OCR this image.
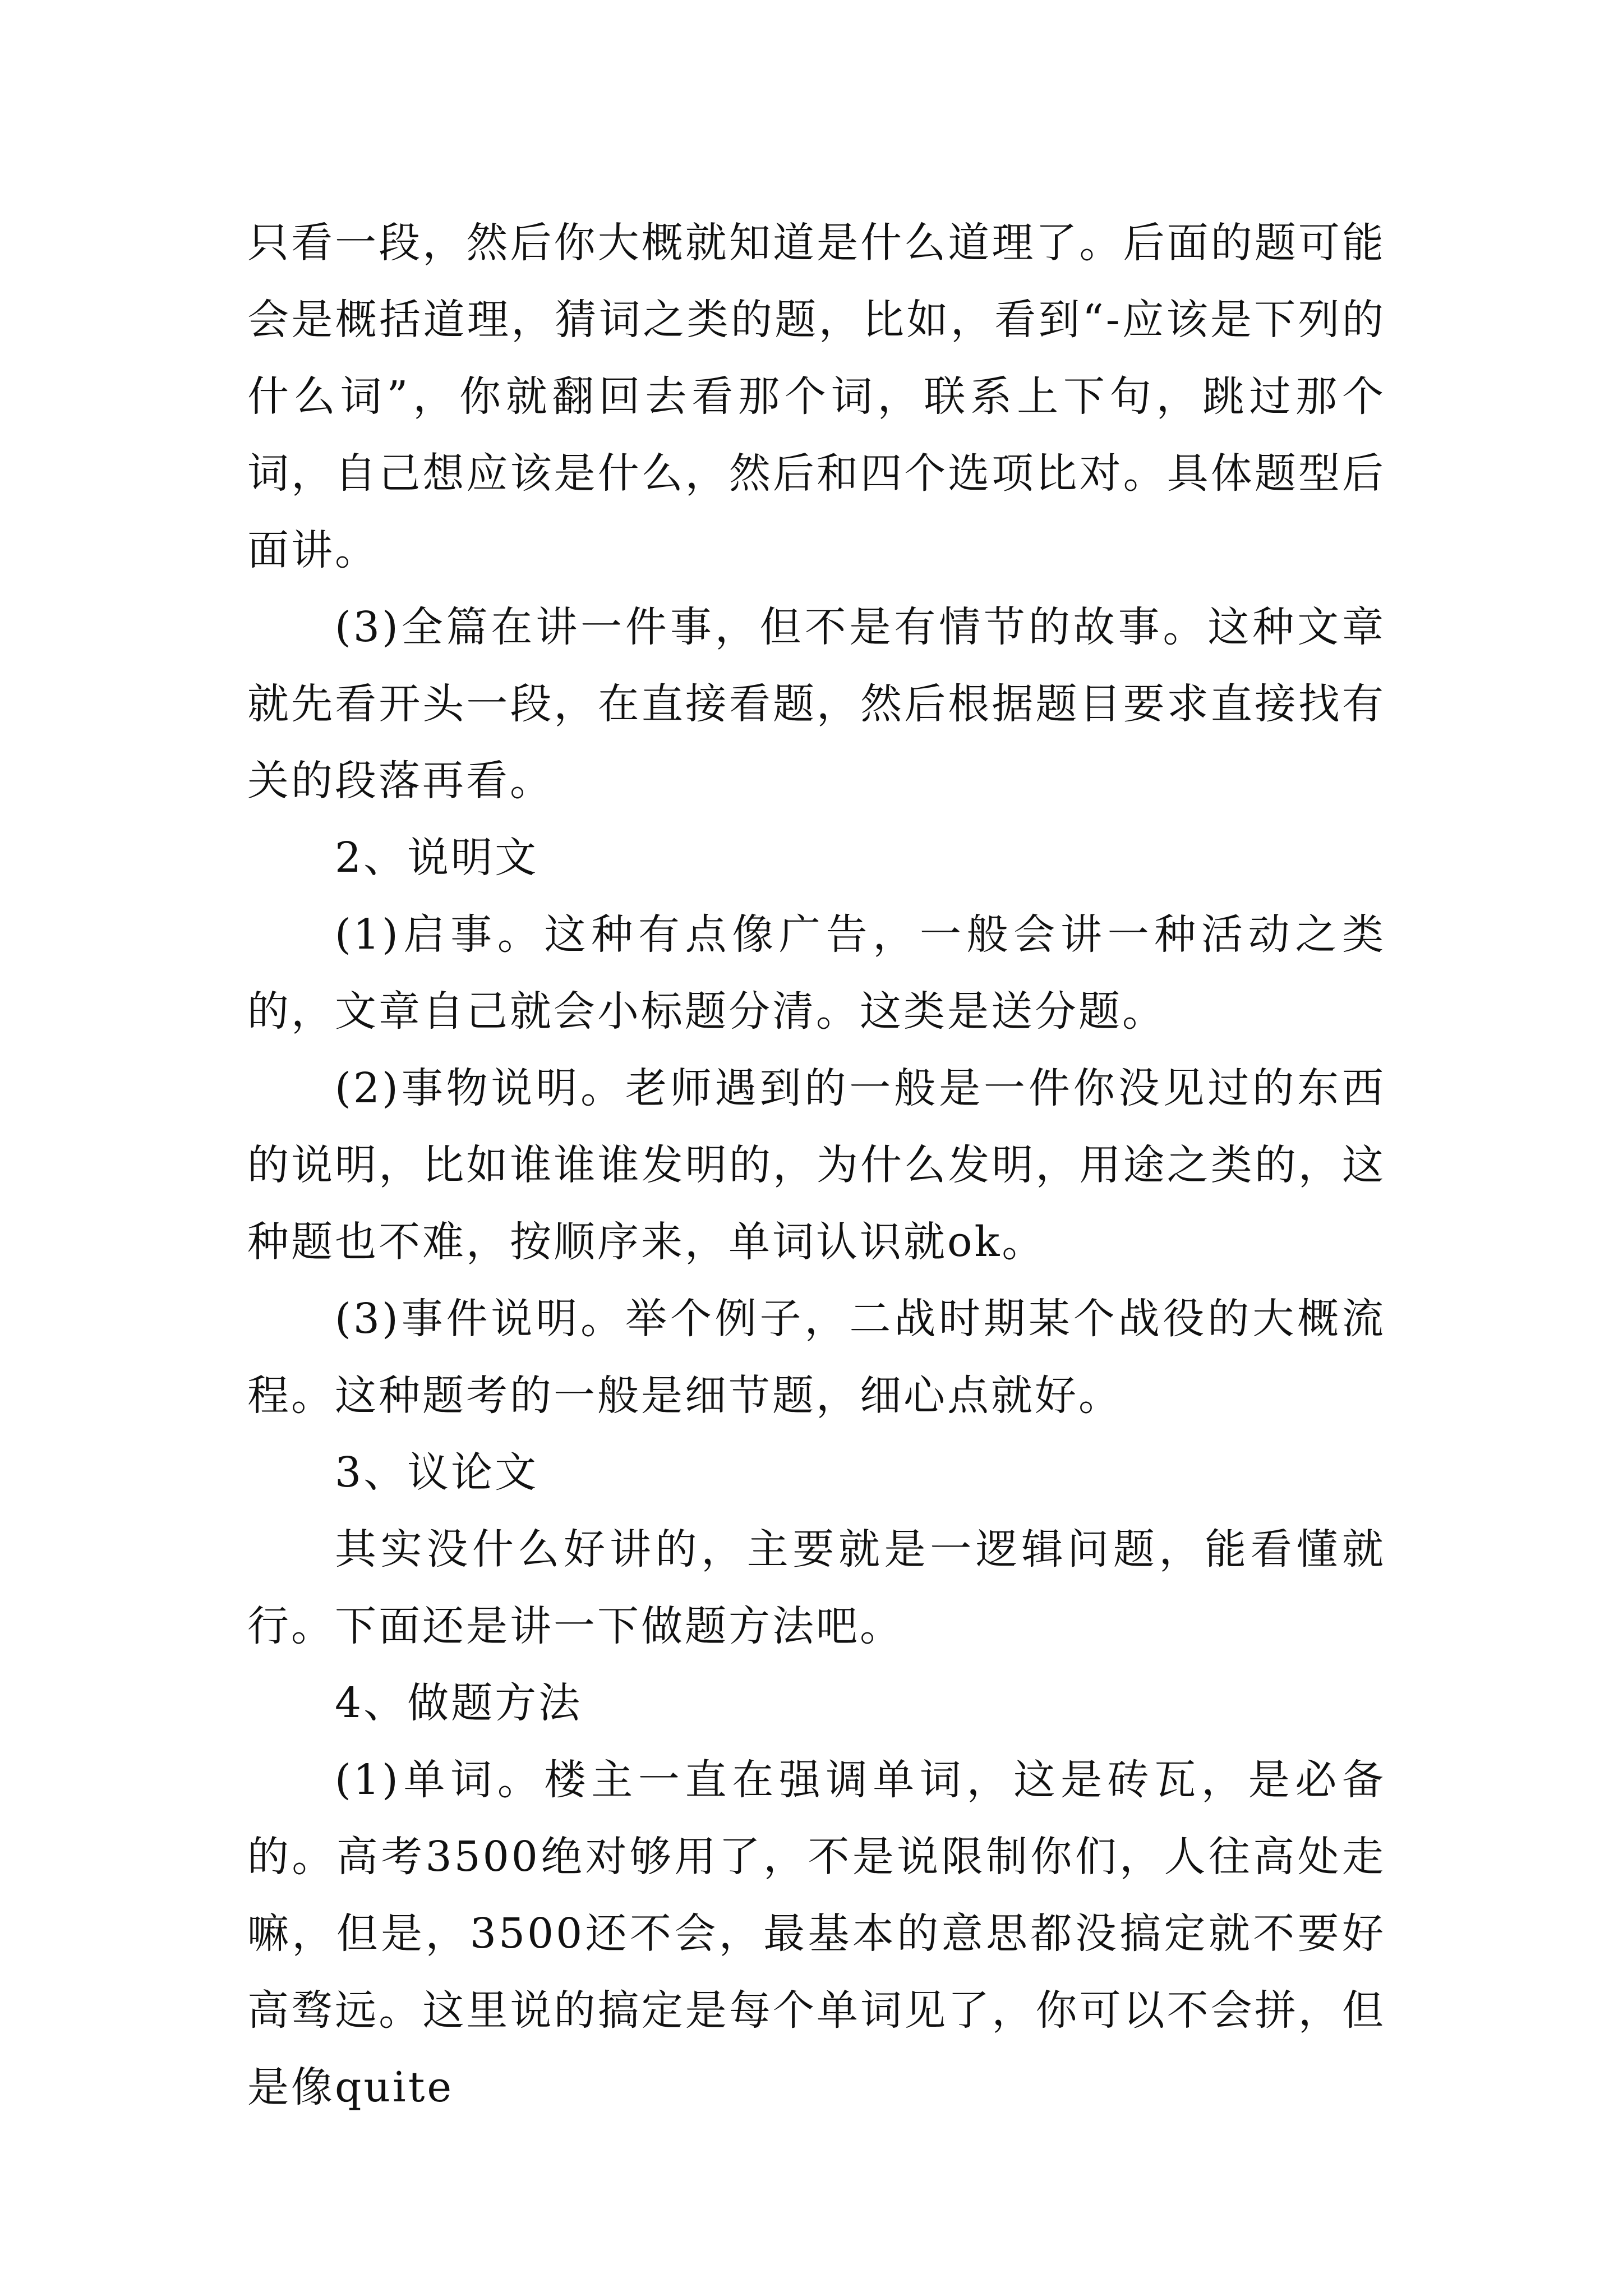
只看一段，然后你大概就知道是什么道理了。后面的题可能会是概括道理，猜词之类的题，比如，看到“-应该是下列的什么词”，你就翻回去看那个词，联系上下句，跳过那个词，自己想应该是什么，然后和四个选项比对。具体题型后面讲。

(3)全篇在讲一件事，但不是有情节的故事。这种文章就先看开头一段，在直接看题，然后根据题目要求直接找有关的段落再看。

2、说明文

(1)启事。这种有点像广告，一般会讲一种活动之类的，文章自己就会小标题分清。这类是送分题。

(2)事物说明。老师遇到的一般是一件你没见过的东西的说明，比如谁谁谁发明的，为什么发明，用途之类的，这种题也不难，按顺序来，单词认识就ok。

(3)事件说明。举个例子，二战时期某个战役的大概流程。这种题考的一般是细节题，细心点就好。

3、议论文

其实没什么好讲的，主要就是一逻辑问题，能看懂就行。下面还是讲一下做题方法吧。

4、做题方法

(1)单词。楼主一直在强调单词，这是砖瓦，是必备的。高考3500绝对够用了，不是说限制你们，人往高处走嘛，但是，3500还不会，最基本的意思都没搞定就不要好高骛远。这里说的搞定是每个单词见了，你可以不会拼，但是像quite
